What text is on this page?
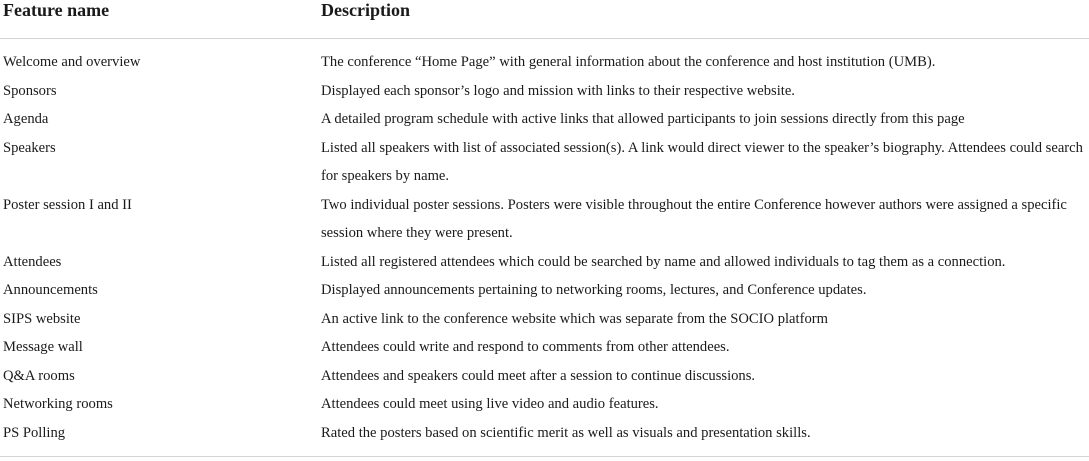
Feature name	Description
Welcome and overview	The conference “Home Page” with general information about the conference and host institution (UMB).
Sponsors	Displayed each sponsor’s logo and mission with links to their respective website.
Agenda	A detailed program schedule with active links that allowed participants to join sessions directly from this page
Speakers	Listed all speakers with list of associated session(s). A link would direct viewer to the speaker’s biography. Attendees could search for speakers by name.
Poster session I and II	Two individual poster sessions. Posters were visible throughout the entire Conference however authors were assigned a specific session where they were present.
Attendees	Listed all registered attendees which could be searched by name and allowed individuals to tag them as a connection.
Announcements	Displayed announcements pertaining to networking rooms, lectures, and Conference updates.
SIPS website	An active link to the conference website which was separate from the SOCIO platform
Message wall	Attendees could write and respond to comments from other attendees.
Q&A rooms	Attendees and speakers could meet after a session to continue discussions.
Networking rooms	Attendees could meet using live video and audio features.
PS Polling	Rated the posters based on scientific merit as well as visuals and presentation skills.
